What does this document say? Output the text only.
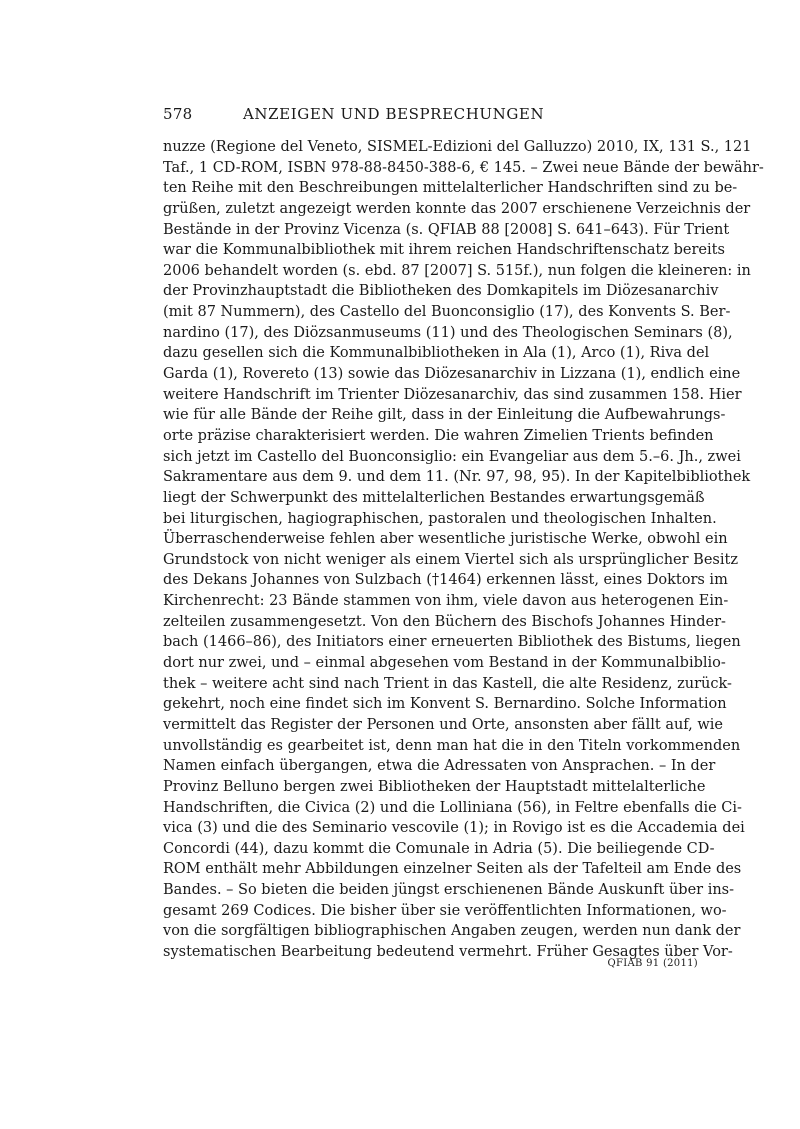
578	ANZEIGEN UND BESPRECHUNGEN
nuzze (Regione del Veneto, SISMEL-Edizioni del Galluzzo) 2010, IX, 131 S., 121
Taf., 1 CD-ROM, ISBN 978-88-8450-388-6, € 145. – Zwei neue Bände der bewähr-
ten Reihe mit den Beschreibungen mittelalterlicher Handschriften sind zu be-
grüßen, zuletzt angezeigt werden konnte das 2007 erschienene Verzeichnis der
Bestände in der Provinz Vicenza (s. QFIAB 88 [2008] S. 641–643). Für Trient
war die Kommunalbibliothek mit ihrem reichen Handschriftenschatz bereits
2006 behandelt worden (s. ebd. 87 [2007] S. 515f.), nun folgen die kleineren: in
der Provinzhauptstadt die Bibliotheken des Domkapitels im Diözesanarchiv
(mit 87 Nummern), des Castello del Buonconsiglio (17), des Konvents S. Ber-
nardino (17), des Diözsanmuseums (11) und des Theologischen Seminars (8),
dazu gesellen sich die Kommunalbibliotheken in Ala (1), Arco (1), Riva del
Garda (1), Rovereto (13) sowie das Diözesanarchiv in Lizzana (1), endlich eine
weitere Handschrift im Trienter Diözesanarchiv, das sind zusammen 158. Hier
wie für alle Bände der Reihe gilt, dass in der Einleitung die Aufbewahrungs-
orte präzise charakterisiert werden. Die wahren Zimelien Trients befinden
sich jetzt im Castello del Buonconsiglio: ein Evangeliar aus dem 5.–6. Jh., zwei
Sakramentare aus dem 9. und dem 11. (Nr. 97, 98, 95). In der Kapitelbibliothek
liegt der Schwerpunkt des mittelalterlichen Bestandes erwartungsgemäß
bei liturgischen, hagiographischen, pastoralen und theologischen Inhalten.
Überraschenderweise fehlen aber wesentliche juristische Werke, obwohl ein
Grundstock von nicht weniger als einem Viertel sich als ursprünglicher Besitz
des Dekans Johannes von Sulzbach (†1464) erkennen lässt, eines Doktors im
Kirchenrecht: 23 Bände stammen von ihm, viele davon aus heterogenen Ein-
zelteilen zusammengesetzt. Von den Büchern des Bischofs Johannes Hinder-
bach (1466–86), des Initiators einer erneuerten Bibliothek des Bistums, liegen
dort nur zwei, und – einmal abgesehen vom Bestand in der Kommunalbiblio-
thek – weitere acht sind nach Trient in das Kastell, die alte Residenz, zurück-
gekehrt, noch eine findet sich im Konvent S. Bernardino. Solche Information
vermittelt das Register der Personen und Orte, ansonsten aber fällt auf, wie
unvollständig es gearbeitet ist, denn man hat die in den Titeln vorkommenden
Namen einfach übergangen, etwa die Adressaten von Ansprachen. – In der
Provinz Belluno bergen zwei Bibliotheken der Hauptstadt mittelalterliche
Handschriften, die Civica (2) und die Lolliniana (56), in Feltre ebenfalls die Ci-
vica (3) und die des Seminario vescovile (1); in Rovigo ist es die Accademia dei
Concordi (44), dazu kommt die Comunale in Adria (5). Die beiliegende CD-
ROM enthält mehr Abbildungen einzelner Seiten als der Tafelteil am Ende des
Bandes. – So bieten die beiden jüngst erschienenen Bände Auskunft über ins-
gesamt 269 Codices. Die bisher über sie veröffentlichten Informationen, wo-
von die sorgfältigen bibliographischen Angaben zeugen, werden nun dank der
systematischen Bearbeitung bedeutend vermehrt. Früher Gesagtes über Vor-
QFIAB 91 (2011)
